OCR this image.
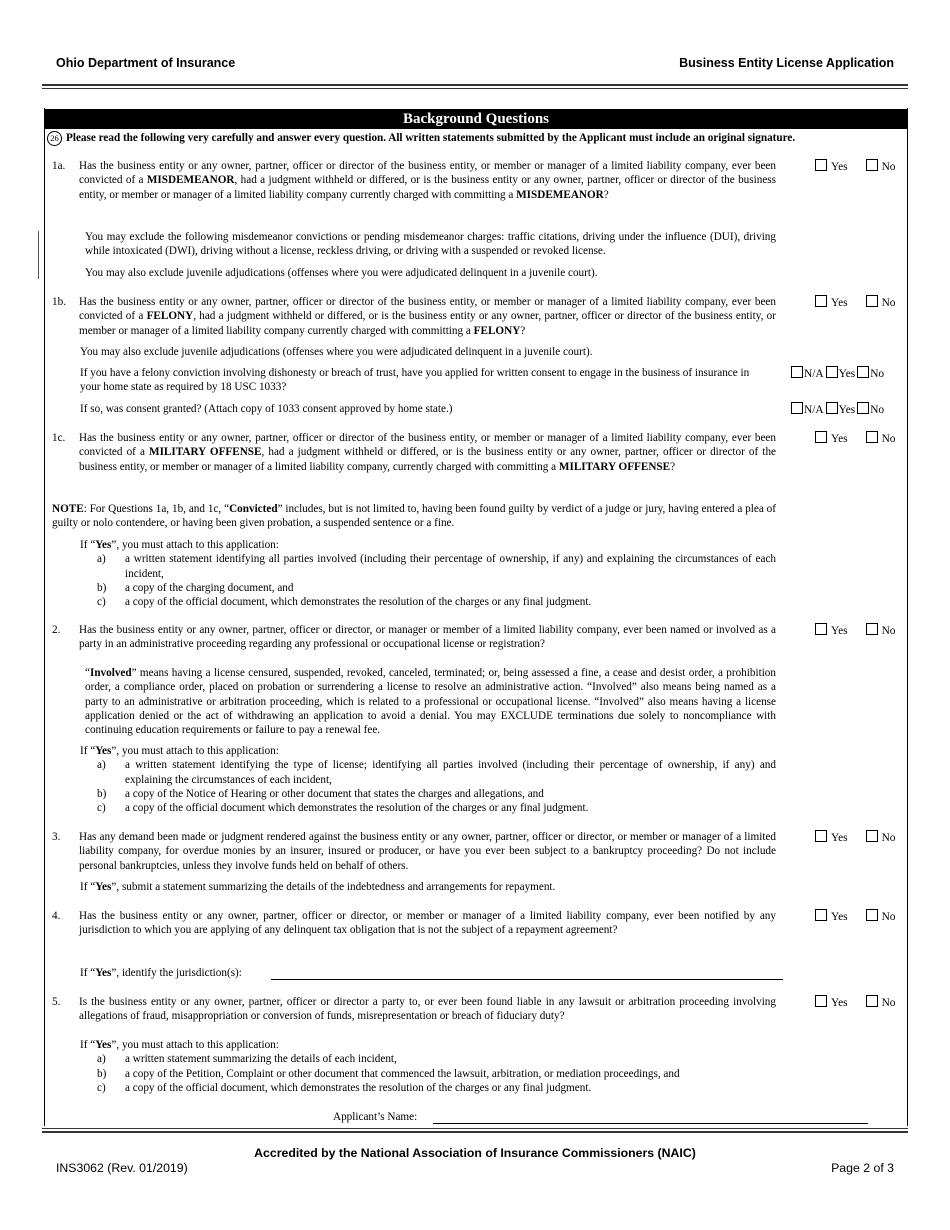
Ohio Department of Insurance	Business Entity License Application
Background Questions
26 Please read the following very carefully and answer every question. All written statements submitted by the Applicant must include an original signature.
1a.	Has the business entity or any owner, partner, officer or director of the business entity, or member or manager of a limited liability company, ever been convicted of a MISDEMEANOR, had a judgment withheld or differed, or is the business entity or any owner, partner, officer or director of the business entity, or member or manager of a limited liability company currently charged with committing a MISDEMEANOR?
Yes	No
You may exclude the following misdemeanor convictions or pending misdemeanor charges: traffic citations, driving under the influence (DUI), driving while intoxicated (DWI), driving without a license, reckless driving, or driving with a suspended or revoked license.
You may also exclude juvenile adjudications (offenses where you were adjudicated delinquent in a juvenile court).
1b.	Has the business entity or any owner, partner, officer or director of the business entity, or member or manager of a limited liability company, ever been convicted of a FELONY, had a judgment withheld or differed, or is the business entity or any owner, partner, officer or director of the business entity, or member or manager of a limited liability company currently charged with committing a FELONY?
Yes	No
You may also exclude juvenile adjudications (offenses where you were adjudicated delinquent in a juvenile court).
If you have a felony conviction involving dishonesty or breach of trust, have you applied for written consent to engage in the business of insurance in your home state as required by 18 USC 1033?
N/A Yes No
If so, was consent granted? (Attach copy of 1033 consent approved by home state.)	N/A Yes No
1c.	Has the business entity or any owner, partner, officer or director of the business entity, or member or manager of a limited liability company, ever been convicted of a MILITARY OFFENSE, had a judgment withheld or differed, or is the business entity or any owner, partner, officer or director of the business entity, or member or manager of a limited liability company, currently charged with committing a MILITARY OFFENSE?
Yes	No
NOTE: For Questions 1a, 1b, and 1c, “Convicted” includes, but is not limited to, having been found guilty by verdict of a judge or jury, having entered a plea of guilty or nolo contendere, or having been given probation, a suspended sentence or a fine.
If “Yes”, you must attach to this application:
a)	a written statement identifying all parties involved (including their percentage of ownership, if any) and explaining the circumstances of each incident,
b)	a copy of the charging document, and
c)	a copy of the official document, which demonstrates the resolution of the charges or any final judgment.
2.	Has the business entity or any owner, partner, officer or director, or manager or member of a limited liability company, ever been named or involved as a party in an administrative proceeding regarding any professional or occupational license or registration?
Yes	No
“Involved” means having a license censured, suspended, revoked, canceled, terminated; or, being assessed a fine, a cease and desist order, a prohibition order, a compliance order, placed on probation or surrendering a license to resolve an administrative action. “Involved” also means being named as a party to an administrative or arbitration proceeding, which is related to a professional or occupational license. “Involved” also means having a license application denied or the act of withdrawing an application to avoid a denial. You may EXCLUDE terminations due solely to noncompliance with continuing education requirements or failure to pay a renewal fee.
If “Yes”, you must attach to this application:
a)	a written statement identifying the type of license; identifying all parties involved (including their percentage of ownership, if any) and explaining the circumstances of each incident,
b)	a copy of the Notice of Hearing or other document that states the charges and allegations, and
c)	a copy of the official document which demonstrates the resolution of the charges or any final judgment.
3.	Has any demand been made or judgment rendered against the business entity or any owner, partner, officer or director, or member or manager of a limited liability company, for overdue monies by an insurer, insured or producer, or have you ever been subject to a bankruptcy proceeding? Do not include personal bankruptcies, unless they involve funds held on behalf of others.
Yes	No
If “Yes”, submit a statement summarizing the details of the indebtedness and arrangements for repayment.
4.	Has the business entity or any owner, partner, officer or director, or member or manager of a limited liability company, ever been notified by any jurisdiction to which you are applying of any delinquent tax obligation that is not the subject of a repayment agreement?
Yes	No
If “Yes”, identify the jurisdiction(s):
5.	Is the business entity or any owner, partner, officer or director a party to, or ever been found liable in any lawsuit or arbitration proceeding involving allegations of fraud, misappropriation or conversion of funds, misrepresentation or breach of fiduciary duty?
Yes	No
If “Yes”, you must attach to this application:
a)	a written statement summarizing the details of each incident,
b)	a copy of the Petition, Complaint or other document that commenced the lawsuit, arbitration, or mediation proceedings, and
c)	a copy of the official document, which demonstrates the resolution of the charges or any final judgment.
Applicant’s Name:
Accredited by the National Association of Insurance Commissioners (NAIC)
INS3062 (Rev. 01/2019)	Page 2 of 3
